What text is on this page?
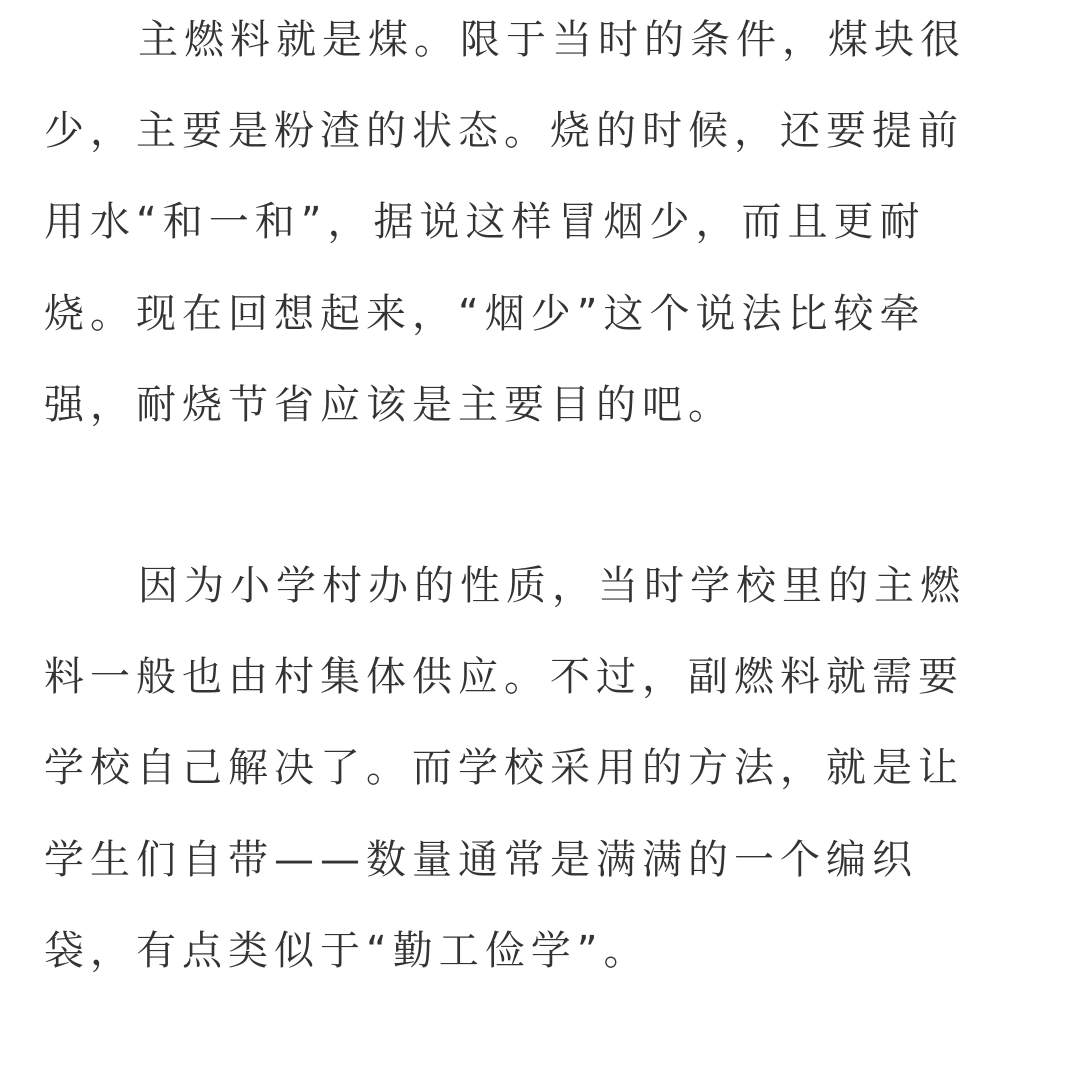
主燃料就是煤。限于当时的条件，煤块很
少，主要是粉渣的状态。烧的时候，还要提前
用水“和一和”，据说这样冒烟少，而且更耐
烧。现在回想起来，“烟少”这个说法比较牵
强，耐烧节省应该是主要目的吧。
因为小学村办的性质，当时学校里的主燃
料一般也由村集体供应。不过，副燃料就需要
学校自己解决了。而学校采用的方法，就是让
学生们自带——数量通常是满满的一个编织
袋，有点类似于“勤工俭学”。
